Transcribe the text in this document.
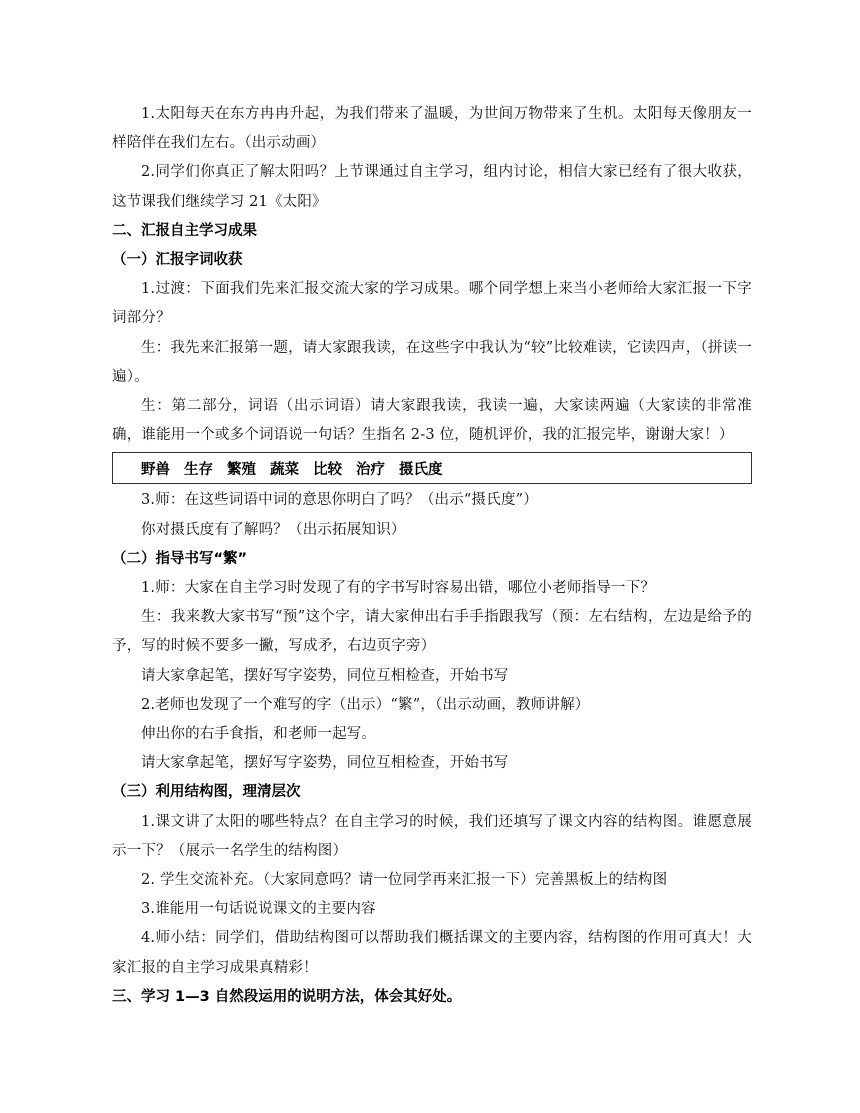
1.太阳每天在东方冉冉升起，为我们带来了温暖，为世间万物带来了生机。太阳每天像朋友一样陪伴在我们左右。（出示动画）

2.同学们你真正了解太阳吗？上节课通过自主学习，组内讨论，相信大家已经有了很大收获，这节课我们继续学习 21《太阳》

二、汇报自主学习成果
（一）汇报字词收获

1.过渡：下面我们先来汇报交流大家的学习成果。哪个同学想上来当小老师给大家汇报一下字词部分？

生：我先来汇报第一题，请大家跟我读，在这些字中我认为“较”比较难读，它读四声，（拼读一遍）。

生：第二部分，词语（出示词语）请大家跟我读，我读一遍，大家读两遍（大家读的非常准确，谁能用一个或多个词语说一句话？生指名 2-3 位，随机评价，我的汇报完毕，谢谢大家！）

野兽 生存 繁殖 蔬菜 比较 治疗 摄氏度

3.师：在这些词语中词的意思你明白了吗？（出示“摄氏度”）

你对摄氏度有了解吗？（出示拓展知识）

（二）指导书写“繁”

1.师：大家在自主学习时发现了有的字书写时容易出错，哪位小老师指导一下？

生：我来教大家书写“预”这个字，请大家伸出右手手指跟我写（预：左右结构，左边是给予的予，写的时候不要多一撇，写成矛，右边页字旁）

请大家拿起笔，摆好写字姿势，同位互相检查，开始书写

2.老师也发现了一个难写的字（出示）“繁”，（出示动画，教师讲解）

伸出你的右手食指，和老师一起写。

请大家拿起笔，摆好写字姿势，同位互相检查，开始书写

（三）利用结构图，理清层次

1.课文讲了太阳的哪些特点？在自主学习的时候，我们还填写了课文内容的结构图。谁愿意展示一下？（展示一名学生的结构图）

2. 学生交流补充。（大家同意吗？请一位同学再来汇报一下）完善黑板上的结构图

3.谁能用一句话说说课文的主要内容

4.师小结：同学们，借助结构图可以帮助我们概括课文的主要内容，结构图的作用可真大！大家汇报的自主学习成果真精彩！

三、学习 1—3 自然段运用的说明方法，体会其好处。
